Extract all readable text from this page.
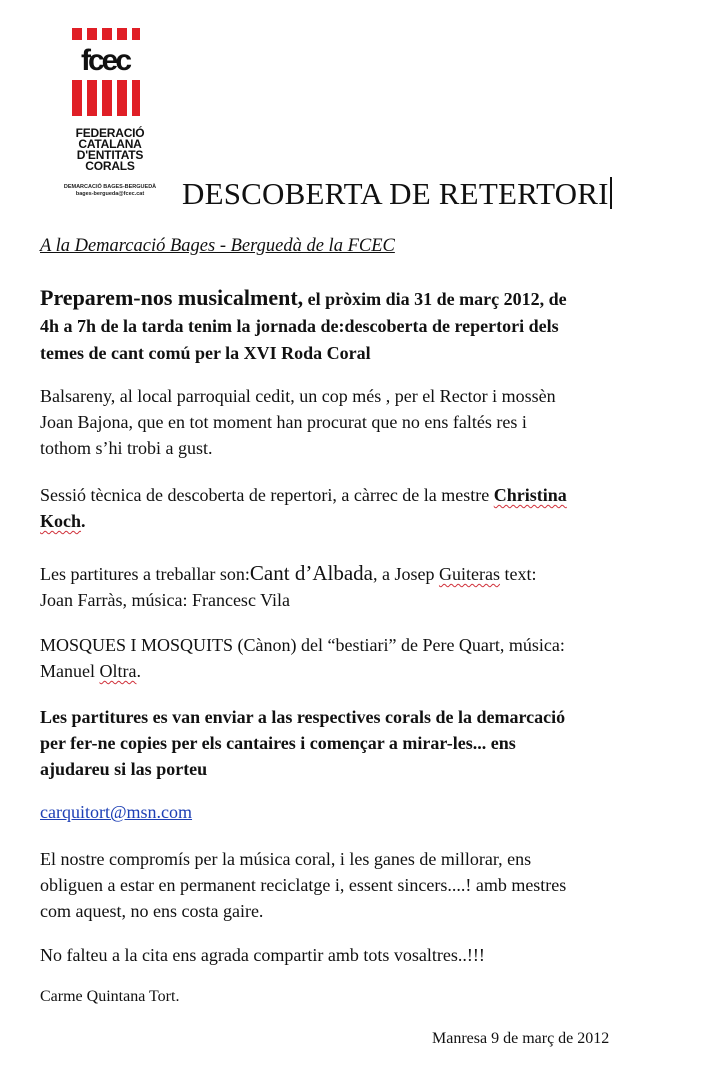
fcec
FEDERACIÓ
CATALANA
D'ENTITATS
CORALS
DEMARCACIÓ BAGES-BERGUEDÀ
bages-bergueda@fcec.cat	DESCOBERTA DE RETERTORI
A la Demarcació Bages - Berguedà de la FCEC
Preparem-nos musicalment, el pròxim dia 31 de març 2012, de
4h a 7h de la tarda tenim la jornada de:descoberta de repertori dels
temes de cant comú per la XVI Roda Coral
Balsareny, al local parroquial cedit, un cop més , per el Rector i mossèn
Joan Bajona, que en tot moment han procurat que no ens faltés res i
tothom s’hi trobi a gust.
Sessió tècnica de descoberta de repertori, a càrrec de la mestre Christina
Koch.
Les partitures a treballar son:Cant d’Albada, a Josep Guiteras text:
Joan Farràs, música: Francesc Vila
MOSQUES I MOSQUITS (Cànon) del “bestiari” de Pere Quart, música:
Manuel Oltra.
Les partitures es van enviar a las respectives corals de la demarcació
per fer-ne copies per els cantaires i començar a mirar-les... ens
ajudareu si las porteu
carquitort@msn.com
El nostre compromís per la música coral, i les ganes de millorar, ens
obliguen a estar en permanent reciclatge i, essent sincers....! amb mestres
com aquest, no ens costa gaire.
No falteu a la cita ens agrada compartir amb tots vosaltres..!!!
Carme Quintana Tort.
Manresa 9 de març de 2012
